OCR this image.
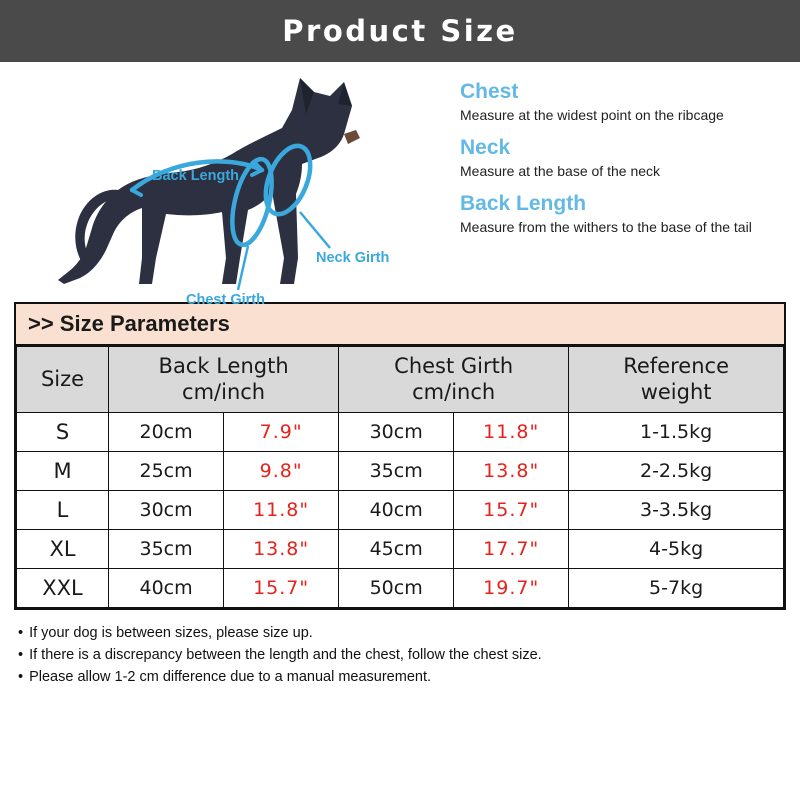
Product Size
Back Length
Neck Girth
Chest Girth

Chest

Measure at the widest point on the ribcage

Neck

Measure at the base of the neck

Back Length

Measure from the withers to the base of the tail

>> Size Parameters
Size	
Back Length
cm/inch

Chest Girth
cm/inch

Reference
weight

S	20cm	7.9"	30cm	11.8"	1-1.5kg
M	25cm	9.8"	35cm	13.8"	2-2.5kg
L	30cm	11.8"	40cm	15.7"	3-3.5kg
XL	35cm	13.8"	45cm	17.7"	4-5kg
XXL	40cm	15.7"	50cm	19.7"	5-7kg
• If your dog is between sizes, please size up.
• If there is a discrepancy between the length and the chest, follow the chest size.
• Please allow 1-2 cm difference due to a manual measurement.
